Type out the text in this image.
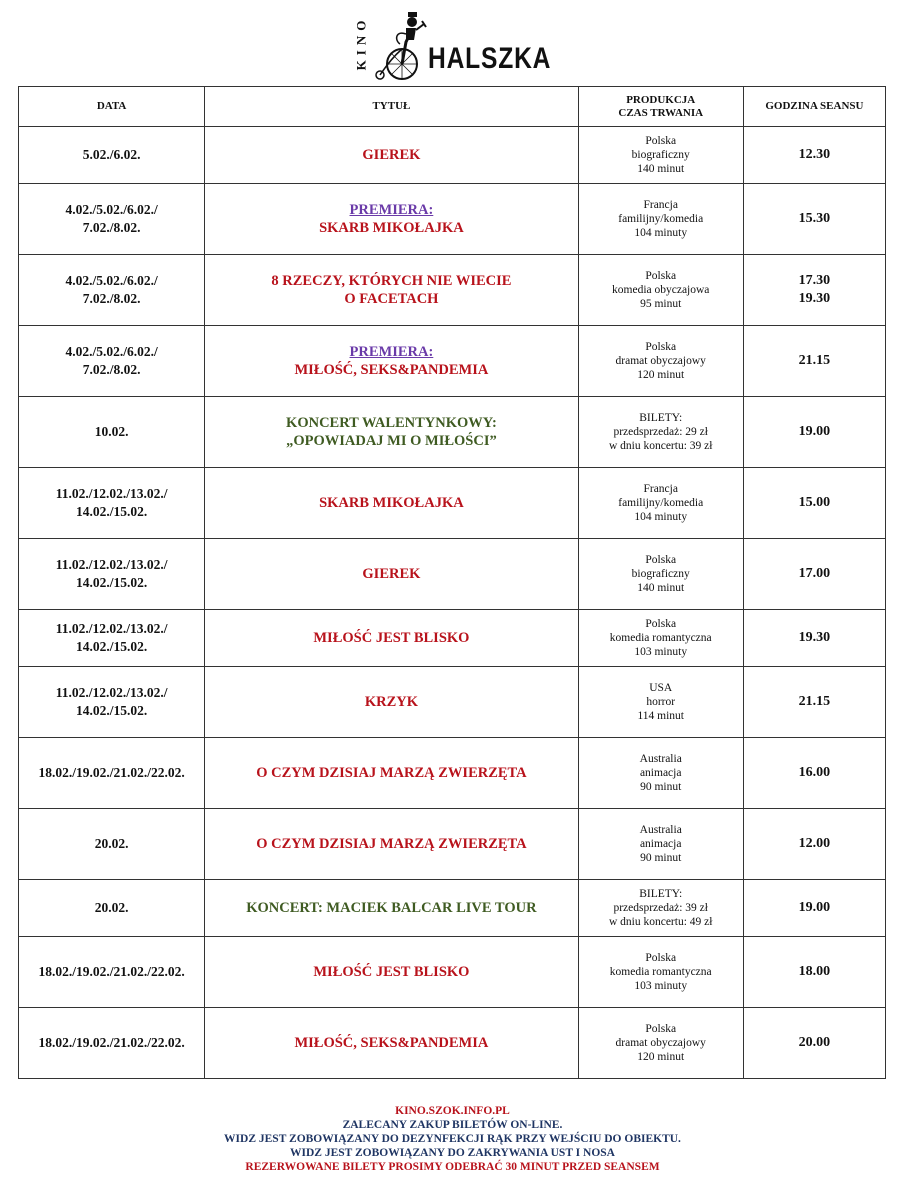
KINO HALSZKA
DATA	TYTUŁ	PRODUKCJA
CZAS TRWANIA	GODZINA SEANSU

5.02./6.02.	GIEREK	Polska
biograficzny
140 minut	12.30

4.02./5.02./6.02./
7.02./8.02.	PREMIERA:
SKARB MIKOŁAJKA	Francja
familijny/komedia
104 minuty	15.30

4.02./5.02./6.02./
7.02./8.02.	8 RZECZY, KTÓRYCH NIE WIECIE
O FACETACH	Polska
komedia obyczajowa
95 minut	17.30
19.30

4.02./5.02./6.02./
7.02./8.02.	PREMIERA:
MIŁOŚĆ, SEKS&PANDEMIA	Polska
dramat obyczajowy
120 minut	21.15

10.02.	KONCERT WALENTYNKOWY:
„OPOWIADAJ MI O MIŁOŚCI”	BILETY:
przedsprzedaż: 29 zł
w dniu koncertu: 39 zł	19.00

11.02./12.02./13.02./
14.02./15.02.	SKARB MIKOŁAJKA	Francja
familijny/komedia
104 minuty	15.00

11.02./12.02./13.02./
14.02./15.02.	GIEREK	Polska
biograficzny
140 minut	17.00

11.02./12.02./13.02./
14.02./15.02.	MIŁOŚĆ JEST BLISKO	Polska
komedia romantyczna
103 minuty	19.30

11.02./12.02./13.02./
14.02./15.02.	KRZYK	USA
horror
114 minut	21.15

18.02./19.02./21.02./22.02.	O CZYM DZISIAJ MARZĄ ZWIERZĘTA	Australia
animacja
90 minut	16.00

20.02.	O CZYM DZISIAJ MARZĄ ZWIERZĘTA	Australia
animacja
90 minut	12.00

20.02.	KONCERT: MACIEK BALCAR LIVE TOUR	BILETY:
przedsprzedaż: 39 zł
w dniu koncertu: 49 zł	19.00

18.02./19.02./21.02./22.02.	MIŁOŚĆ JEST BLISKO	Polska
komedia romantyczna
103 minuty	18.00

18.02./19.02./21.02./22.02.	MIŁOŚĆ, SEKS&PANDEMIA	Polska
dramat obyczajowy
120 minut	20.00
KINO.SZOK.INFO.PL
ZALECANY ZAKUP BILETÓW ON-LINE.
WIDZ JEST ZOBOWIĄZANY DO DEZYNFEKCJI RĄK PRZY WEJŚCIU DO OBIEKTU.
WIDZ JEST ZOBOWIĄZANY DO ZAKRYWANIA UST I NOSA
REZERWOWANE BILETY PROSIMY ODEBRAĆ 30 MINUT PRZED SEANSEM
